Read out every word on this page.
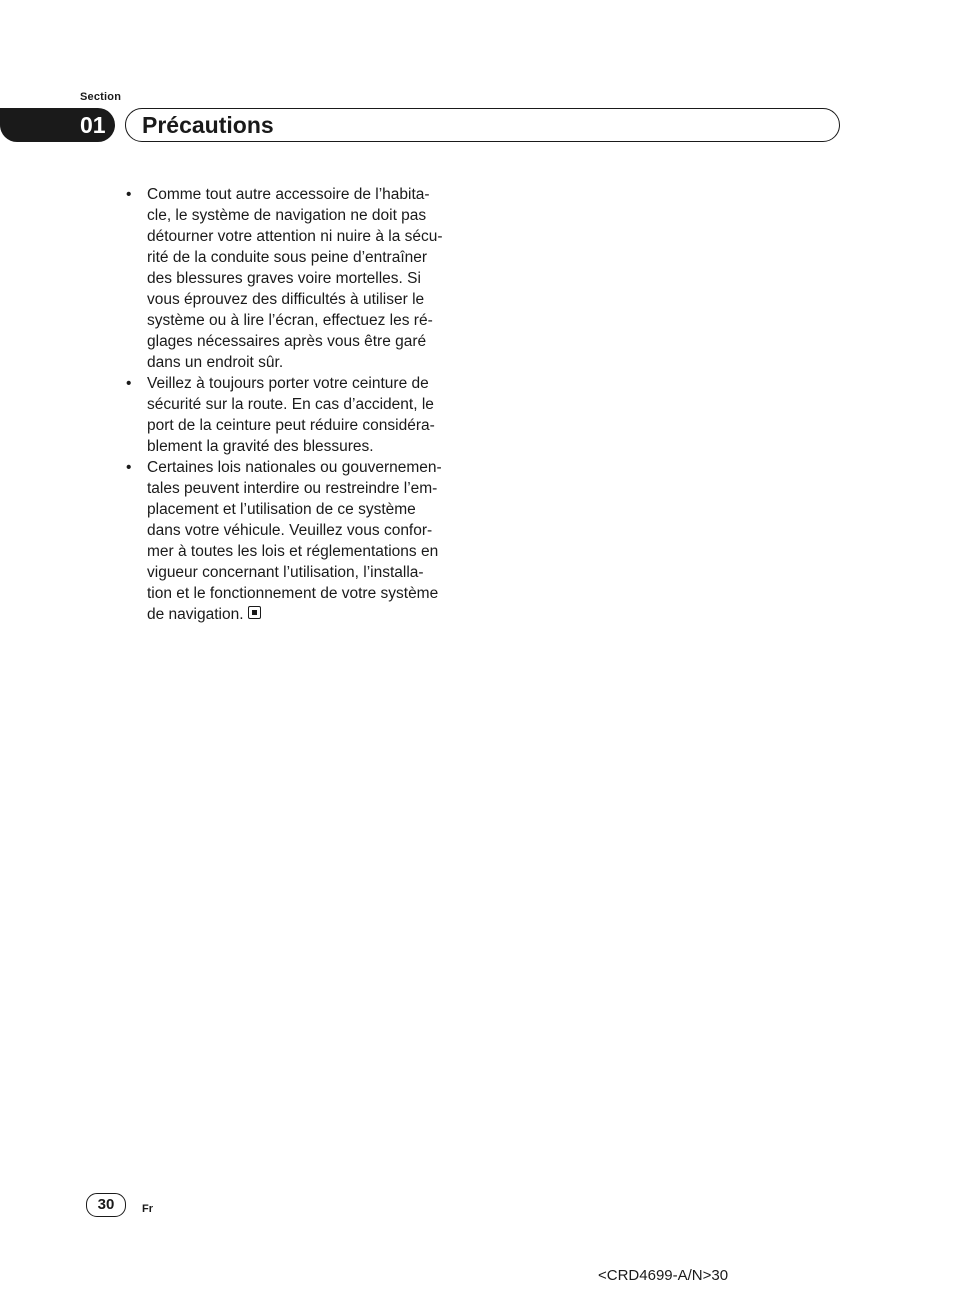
Section
01 Précautions
• Comme tout autre accessoire de l’habita-
cle, le système de navigation ne doit pas
détourner votre attention ni nuire à la sécu-
rité de la conduite sous peine d’entraîner
des blessures graves voire mortelles. Si
vous éprouvez des difficultés à utiliser le
système ou à lire l’écran, effectuez les ré-
glages nécessaires après vous être garé
dans un endroit sûr.
• Veillez à toujours porter votre ceinture de
sécurité sur la route. En cas d’accident, le
port de la ceinture peut réduire considéra-
blement la gravité des blessures.
• Certaines lois nationales ou gouvernemen-
tales peuvent interdire ou restreindre l’em-
placement et l’utilisation de ce système
dans votre véhicule. Veuillez vous confor-
mer à toutes les lois et réglementations en
vigueur concernant l’utilisation, l’installa-
tion et le fonctionnement de votre système
de navigation.
30	Fr
<CRD4699-A/N>30
